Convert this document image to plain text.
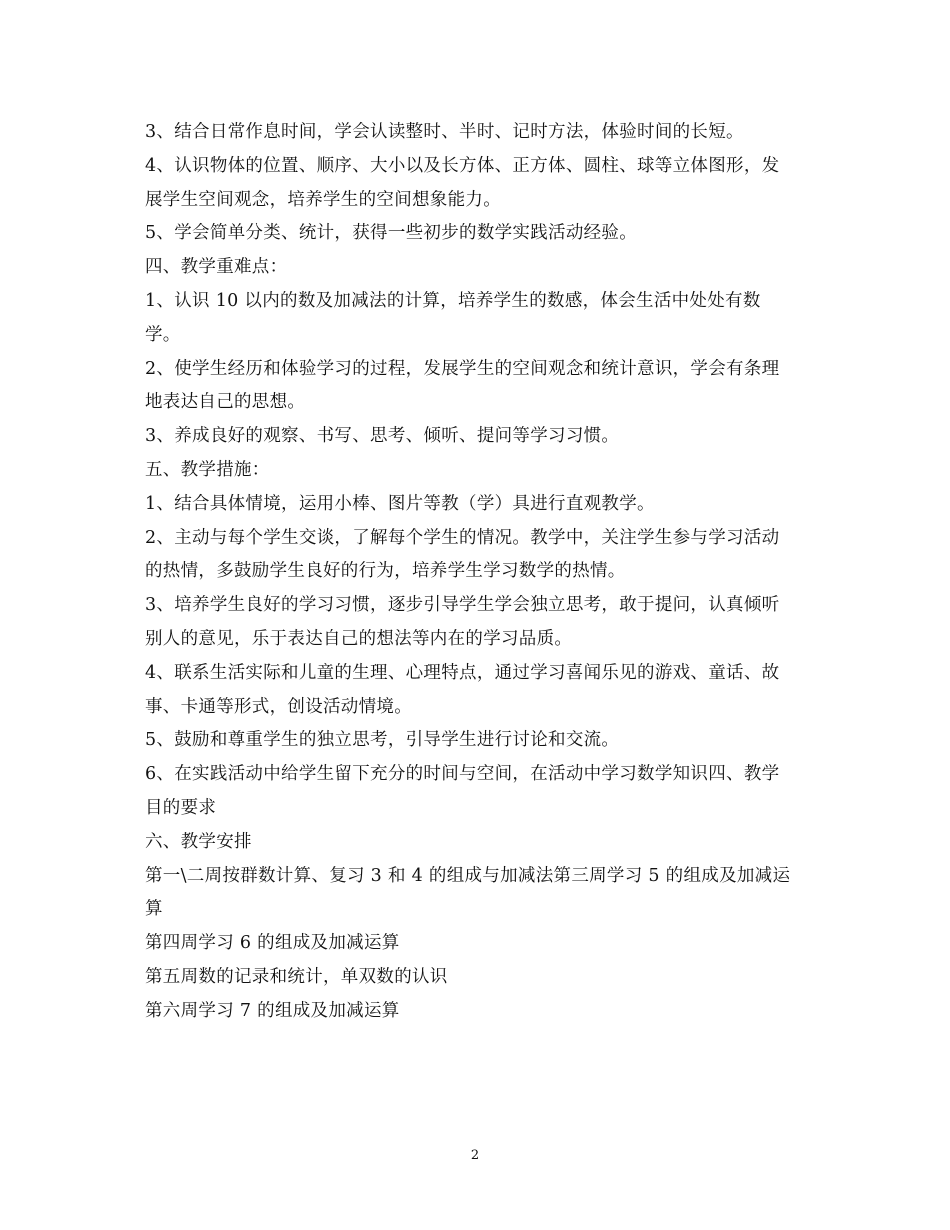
3、结合日常作息时间，学会认读整时、半时、记时方法，体验时间的长短。
4、认识物体的位置、顺序、大小以及长方体、正方体、圆柱、球等立体图形，发
展学生空间观念，培养学生的空间想象能力。
5、学会简单分类、统计，获得一些初步的数学实践活动经验。
四、教学重难点：
1、认识 10 以内的数及加减法的计算，培养学生的数感，体会生活中处处有数
学。
2、使学生经历和体验学习的过程，发展学生的空间观念和统计意识，学会有条理
地表达自己的思想。
3、养成良好的观察、书写、思考、倾听、提问等学习习惯。
五、教学措施：
1、结合具体情境，运用小棒、图片等教（学）具进行直观教学。
2、主动与每个学生交谈，了解每个学生的情况。教学中，关注学生参与学习活动
的热情，多鼓励学生良好的行为，培养学生学习数学的热情。
3、培养学生良好的学习习惯，逐步引导学生学会独立思考，敢于提问，认真倾听
别人的意见，乐于表达自己的想法等内在的学习品质。
4、联系生活实际和儿童的生理、心理特点，通过学习喜闻乐见的游戏、童话、故
事、卡通等形式，创设活动情境。
5、鼓励和尊重学生的独立思考，引导学生进行讨论和交流。
6、在实践活动中给学生留下充分的时间与空间，在活动中学习数学知识四、教学
目的要求
六、教学安排
第一\二周按群数计算、复习 3 和 4 的组成与加减法第三周学习 5 的组成及加减运
算
第四周学习 6 的组成及加减运算
第五周数的记录和统计，单双数的认识
第六周学习 7 的组成及加减运算
2
